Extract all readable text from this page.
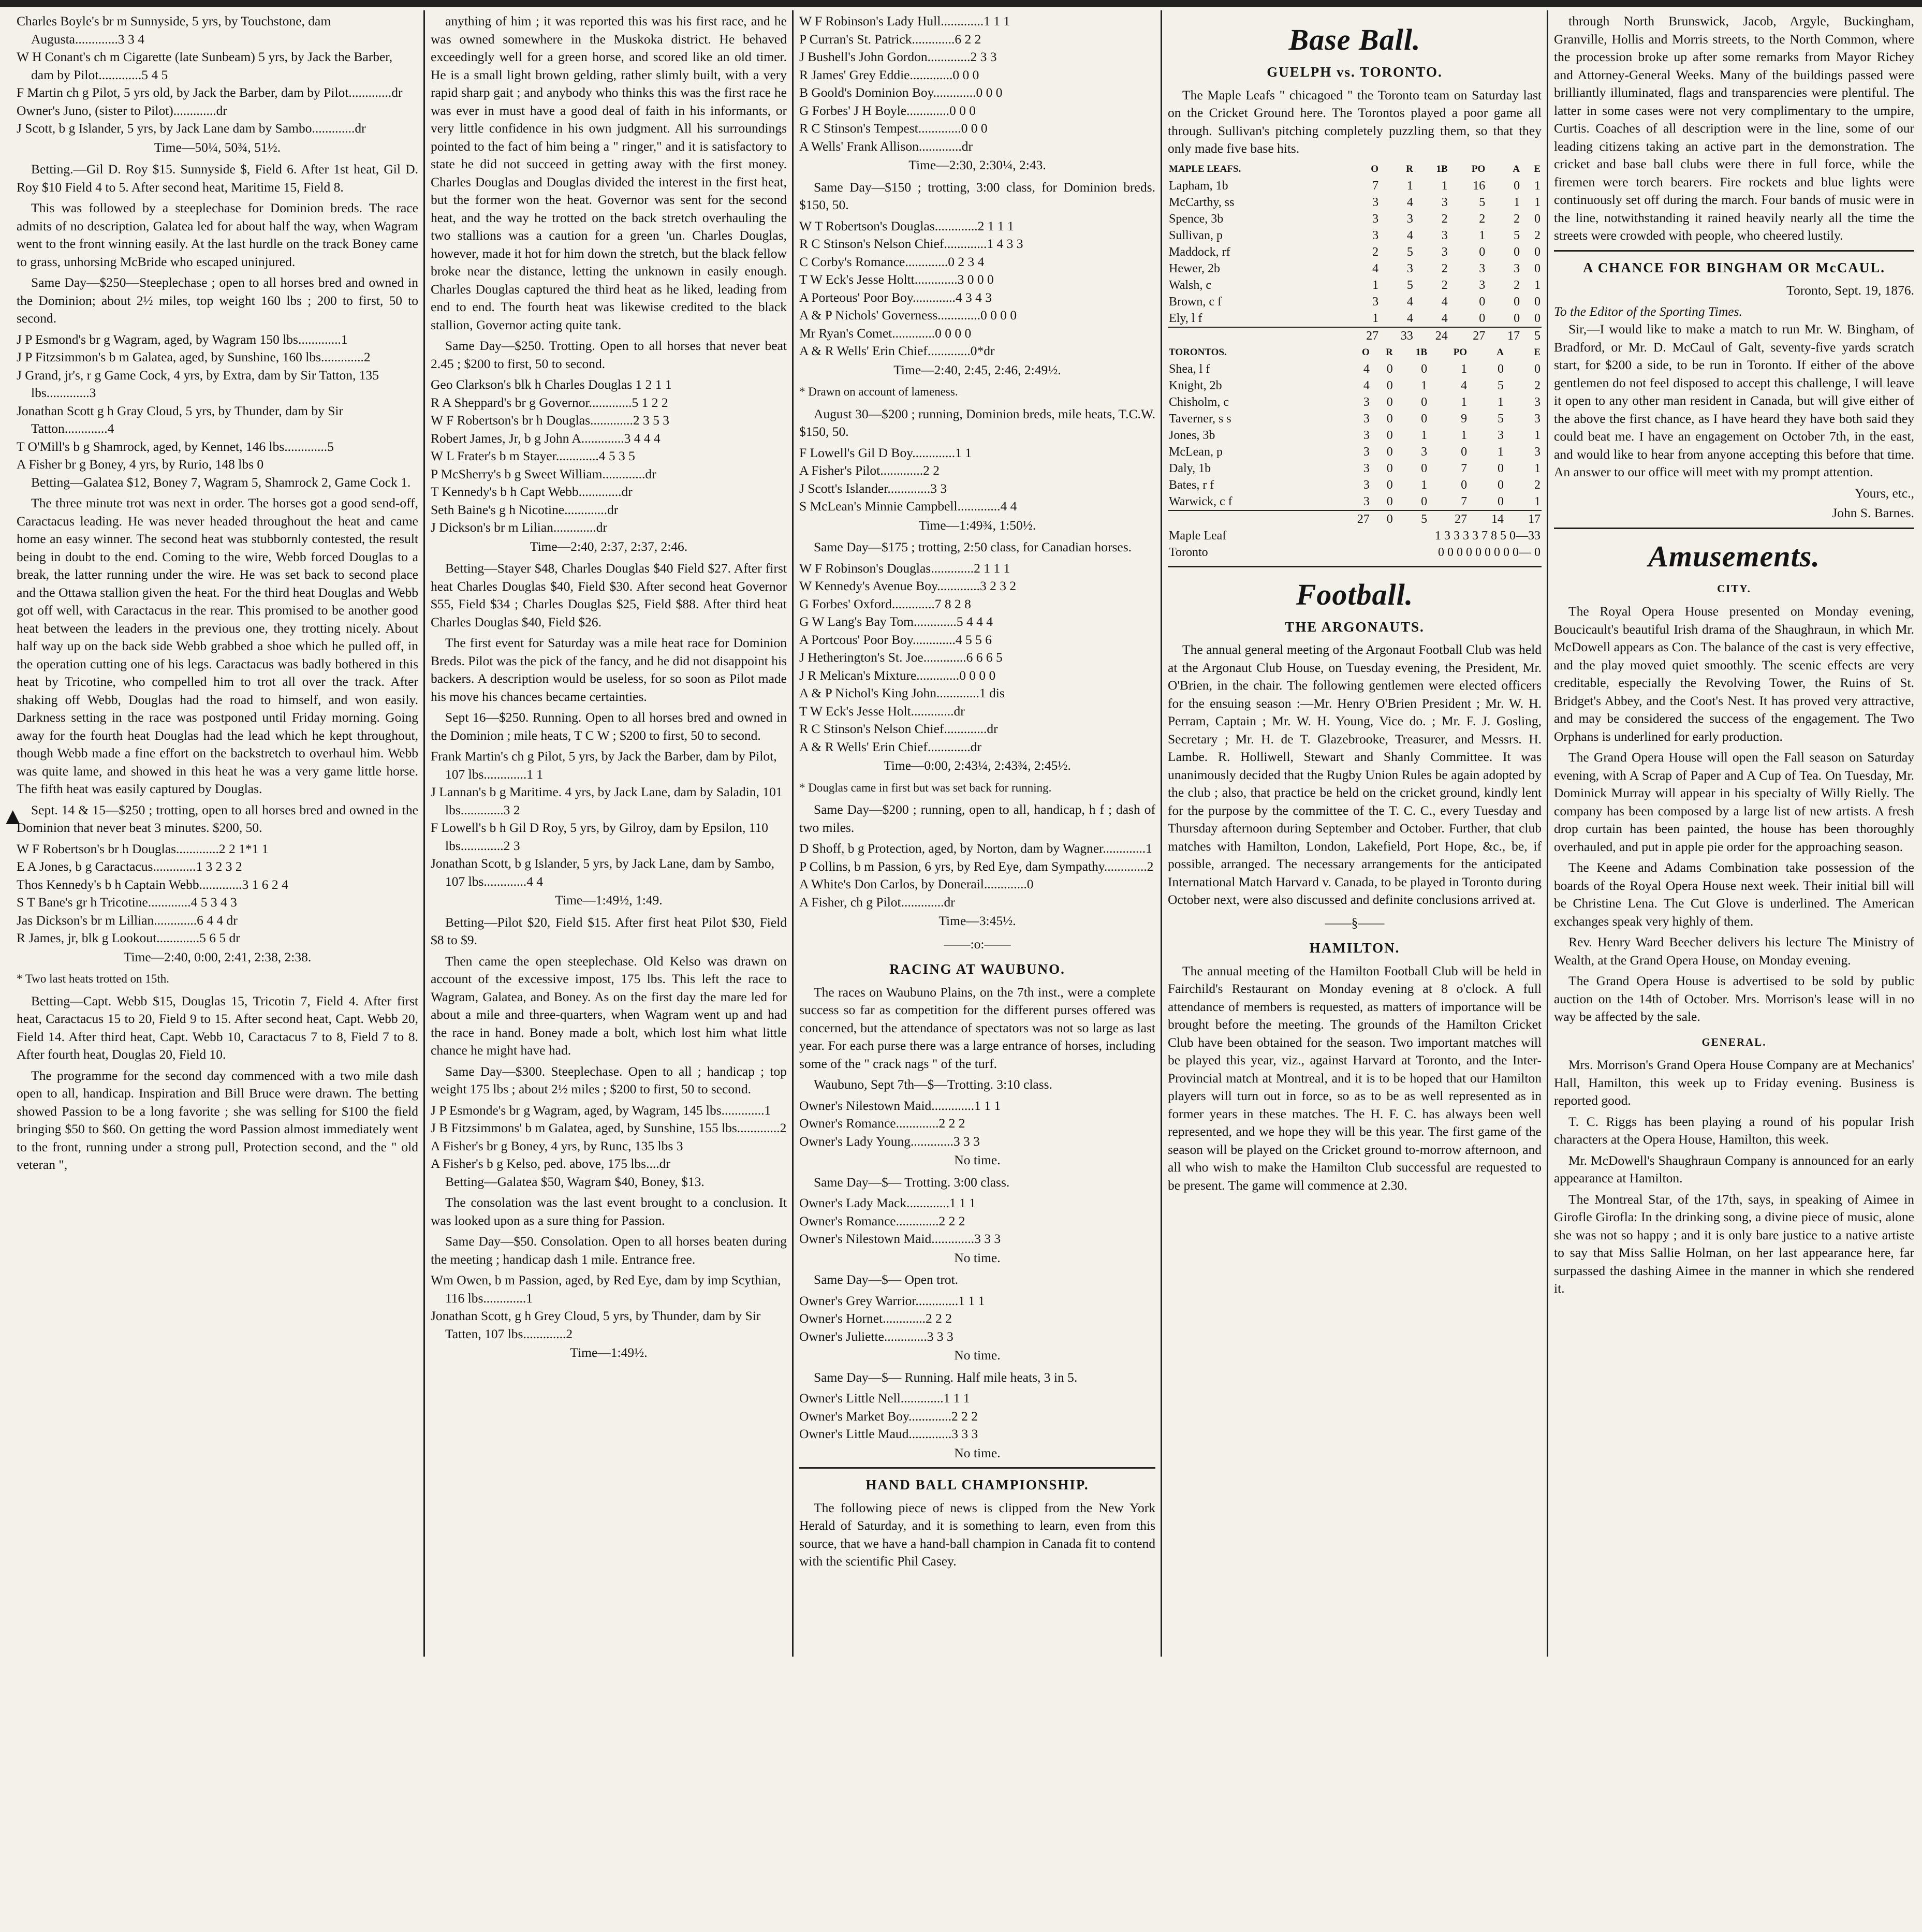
▲

Charles Boyle's br m Sunnyside, 5 yrs, by Touchstone, dam Augusta.............3 3 4

W H Conant's ch m Cigarette (late Sunbeam) 5 yrs, by Jack the Barber, dam by Pilot.............5 4 5

F Martin ch g Pilot, 5 yrs old, by Jack the Barber, dam by Pilot.............dr

Owner's Juno, (sister to Pilot).............dr

J Scott, b g Islander, 5 yrs, by Jack Lane dam by Sambo.............dr

Time—50¼, 50¾, 51½.

Betting.—Gil D. Roy $15. Sunnyside $, Field 6. After 1st heat, Gil D. Roy $10 Field 4 to 5. After second heat, Maritime 15, Field 8.

This was followed by a steeplechase for Dominion breds. The race admits of no description, Galatea led for about half the way, when Wagram went to the front winning easily. At the last hurdle on the track Boney came to grass, unhorsing McBride who escaped uninjured.

Same Day—$250—Steeplechase ; open to all horses bred and owned in the Dominion; about 2½ miles, top weight 160 lbs ; 200 to first, 50 to second.

J P Esmond's br g Wagram, aged, by Wagram 150 lbs.............1

J P Fitzsimmon's b m Galatea, aged, by Sunshine, 160 lbs.............2

J Grand, jr's, r g Game Cock, 4 yrs, by Extra, dam by Sir Tatton, 135 lbs.............3

Jonathan Scott g h Gray Cloud, 5 yrs, by Thunder, dam by Sir Tatton.............4

T O'Mill's b g Shamrock, aged, by Kennet, 146 lbs.............5

A Fisher br g Boney, 4 yrs, by Rurio, 148 lbs 0

Betting—Galatea $12, Boney 7, Wagram 5, Shamrock 2, Game Cock 1.

The three minute trot was next in order. The horses got a good send-off, Caractacus leading. He was never headed throughout the heat and came home an easy winner. The second heat was stubbornly contested, the result being in doubt to the end. Coming to the wire, Webb forced Douglas to a break, the latter running under the wire. He was set back to second place and the Ottawa stallion given the heat. For the third heat Douglas and Webb got off well, with Caractacus in the rear. This promised to be another good heat between the leaders in the previous one, they trotting nicely. About half way up on the back side Webb grabbed a shoe which he pulled off, in the operation cutting one of his legs. Caractacus was badly bothered in this heat by Tricotine, who compelled him to trot all over the track. After shaking off Webb, Douglas had the road to himself, and won easily. Darkness setting in the race was postponed until Friday morning. Going away for the fourth heat Douglas had the lead which he kept throughout, though Webb made a fine effort on the backstretch to overhaul him. Webb was quite lame, and showed in this heat he was a very game little horse. The fifth heat was easily captured by Douglas.

Sept. 14 & 15—$250 ; trotting, open to all horses bred and owned in the Dominion that never beat 3 minutes. $200, 50.

W F Robertson's br h Douglas.............2 2 1*1 1

E A Jones, b g Caractacus.............1 3 2 3 2

Thos Kennedy's b h Captain Webb.............3 1 6 2 4

S T Bane's gr h Tricotine.............4 5 3 4 3

Jas Dickson's br m Lillian.............6 4 4 dr

R James, jr, blk g Lookout.............5 6 5 dr

Time—2:40, 0:00, 2:41, 2:38, 2:38.

* Two last heats trotted on 15th.

Betting—Capt. Webb $15, Douglas 15, Tricotin 7, Field 4. After first heat, Caractacus 15 to 20, Field 9 to 15. After second heat, Capt. Webb 20, Field 14. After third heat, Capt. Webb 10, Caractacus 7 to 8, Field 7 to 8. After fourth heat, Douglas 20, Field 10.

The programme for the second day commenced with a two mile dash open to all, handicap. Inspiration and Bill Bruce were drawn. The betting showed Passion to be a long favorite ; she was selling for $100 the field bringing $50 to $60. On getting the word Passion almost immediately went to the front, running under a strong pull, Protection second, and the " old veteran ",

anything of him ; it was reported this was his first race, and he was owned somewhere in the Muskoka district. He behaved exceedingly well for a green horse, and scored like an old timer. He is a small light brown gelding, rather slimly built, with a very rapid sharp gait ; and anybody who thinks this was the first race he was ever in must have a good deal of faith in his informants, or very little confidence in his own judgment. All his surroundings pointed to the fact of him being a " ringer," and it is satisfactory to state he did not succeed in getting away with the first money. Charles Douglas and Douglas divided the interest in the first heat, but the former won the heat. Governor was sent for the second heat, and the way he trotted on the back stretch overhauling the two stallions was a caution for a green 'un. Charles Douglas, however, made it hot for him down the stretch, but the black fellow broke near the distance, letting the unknown in easily enough. Charles Douglas captured the third heat as he liked, leading from end to end. The fourth heat was likewise credited to the black stallion, Governor acting quite tank.

Same Day—$250. Trotting. Open to all horses that never beat 2.45 ; $200 to first, 50 to second.

Geo Clarkson's blk h Charles Douglas 1 2 1 1

R A Sheppard's br g Governor.............5 1 2 2

W F Robertson's br h Douglas.............2 3 5 3

Robert James, Jr, b g John A.............3 4 4 4

W L Frater's b m Stayer.............4 5 3 5

P McSherry's b g Sweet William.............dr

T Kennedy's b h Capt Webb.............dr

Seth Baine's g h Nicotine.............dr

J Dickson's br m Lilian.............dr

Time—2:40, 2:37, 2:37, 2:46.

Betting—Stayer $48, Charles Douglas $40 Field $27. After first heat Charles Douglas $40, Field $30. After second heat Governor $55, Field $34 ; Charles Douglas $25, Field $88. After third heat Charles Douglas $40, Field $26.

The first event for Saturday was a mile heat race for Dominion Breds. Pilot was the pick of the fancy, and he did not disappoint his backers. A description would be useless, for so soon as Pilot made his move his chances became certainties.

Sept 16—$250. Running. Open to all horses bred and owned in the Dominion ; mile heats, T C W ; $200 to first, 50 to second.

Frank Martin's ch g Pilot, 5 yrs, by Jack the Barber, dam by Pilot, 107 lbs.............1 1

J Lannan's b g Maritime. 4 yrs, by Jack Lane, dam by Saladin, 101 lbs.............3 2

F Lowell's b h Gil D Roy, 5 yrs, by Gilroy, dam by Epsilon, 110 lbs.............2 3

Jonathan Scott, b g Islander, 5 yrs, by Jack Lane, dam by Sambo, 107 lbs.............4 4

Time—1:49½, 1:49.

Betting—Pilot $20, Field $15. After first heat Pilot $30, Field $8 to $9.

Then came the open steeplechase. Old Kelso was drawn on account of the excessive impost, 175 lbs. This left the race to Wagram, Galatea, and Boney. As on the first day the mare led for about a mile and three-quarters, when Wagram went up and had the race in hand. Boney made a bolt, which lost him what little chance he might have had.

Same Day—$300. Steeplechase. Open to all ; handicap ; top weight 175 lbs ; about 2½ miles ; $200 to first, 50 to second.

J P Esmonde's br g Wagram, aged, by Wagram, 145 lbs.............1

J B Fitzsimmons' b m Galatea, aged, by Sunshine, 155 lbs.............2

A Fisher's br g Boney, 4 yrs, by Runc, 135 lbs 3

A Fisher's b g Kelso, ped. above, 175 lbs....dr

Betting—Galatea $50, Wagram $40, Boney, $13.

The consolation was the last event brought to a conclusion. It was looked upon as a sure thing for Passion.

Same Day—$50. Consolation. Open to all horses beaten during the meeting ; handicap dash 1 mile. Entrance free.

Wm Owen, b m Passion, aged, by Red Eye, dam by imp Scythian, 116 lbs.............1

Jonathan Scott, g h Grey Cloud, 5 yrs, by Thunder, dam by Sir Tatten, 107 lbs.............2

Time—1:49½.

W F Robinson's Lady Hull.............1 1 1

P Curran's St. Patrick.............6 2 2

J Bushell's John Gordon.............2 3 3

R James' Grey Eddie.............0 0 0

B Goold's Dominion Boy.............0 0 0

G Forbes' J H Boyle.............0 0 0

R C Stinson's Tempest.............0 0 0

A Wells' Frank Allison.............dr

Time—2:30, 2:30¼, 2:43.

Same Day—$150 ; trotting, 3:00 class, for Dominion breds. $150, 50.

W T Robertson's Douglas.............2 1 1 1

R C Stinson's Nelson Chief.............1 4 3 3

C Corby's Romance.............0 2 3 4

T W Eck's Jesse Holtt.............3 0 0 0

A Porteous' Poor Boy.............4 3 4 3

A & P Nichols' Governess.............0 0 0 0

Mr Ryan's Comet.............0 0 0 0

A & R Wells' Erin Chief.............0*dr

Time—2:40, 2:45, 2:46, 2:49½.

* Drawn on account of lameness.

August 30—$200 ; running, Dominion breds, mile heats, T.C.W. $150, 50.

F Lowell's Gil D Boy.............1 1

A Fisher's Pilot.............2 2

J Scott's Islander.............3 3

S McLean's Minnie Campbell.............4 4

Time—1:49¾, 1:50½.

Same Day—$175 ; trotting, 2:50 class, for Canadian horses.

W F Robinson's Douglas.............2 1 1 1

W Kennedy's Avenue Boy.............3 2 3 2

G Forbes' Oxford.............7 8 2 8

G W Lang's Bay Tom.............5 4 4 4

A Portcous' Poor Boy.............4 5 5 6

J Hetherington's St. Joe.............6 6 6 5

J R Melican's Mixture.............0 0 0 0

A & P Nichol's King John.............1 dis

T W Eck's Jesse Holt.............dr

R C Stinson's Nelson Chief.............dr

A & R Wells' Erin Chief.............dr

Time—0:00, 2:43¼, 2:43¾, 2:45½.

* Douglas came in first but was set back for running.

Same Day—$200 ; running, open to all, handicap, h f ; dash of two miles.

D Shoff, b g Protection, aged, by Norton, dam by Wagner.............1

P Collins, b m Passion, 6 yrs, by Red Eye, dam Sympathy.............2

A White's Don Carlos, by Donerail.............0

A Fisher, ch g Pilot.............dr

Time—3:45½.

——:o:——

RACING AT WAUBUNO.

The races on Waubuno Plains, on the 7th inst., were a complete success so far as competition for the different purses offered was concerned, but the attendance of spectators was not so large as last year. For each purse there was a large entrance of horses, including some of the " crack nags " of the turf.

Waubuno, Sept 7th—$—Trotting. 3:10 class.

Owner's Nilestown Maid.............1 1 1

Owner's Romance.............2 2 2

Owner's Lady Young.............3 3 3

No time.

Same Day—$— Trotting. 3:00 class.

Owner's Lady Mack.............1 1 1

Owner's Romance.............2 2 2

Owner's Nilestown Maid.............3 3 3

No time.

Same Day—$— Open trot.

Owner's Grey Warrior.............1 1 1

Owner's Hornet.............2 2 2

Owner's Juliette.............3 3 3

No time.

Same Day—$— Running. Half mile heats, 3 in 5.

Owner's Little Nell.............1 1 1

Owner's Market Boy.............2 2 2

Owner's Little Maud.............3 3 3

No time.

HAND BALL CHAMPIONSHIP.

The following piece of news is clipped from the New York Herald of Saturday, and it is something to learn, even from this source, that we have a hand-ball champion in Canada fit to contend with the scientific Phil Casey.

Base Ball.

GUELPH vs. TORONTO.

The Maple Leafs " chicagoed " the Toronto team on Saturday last on the Cricket Ground here. The Torontos played a poor game all through. Sullivan's pitching completely puzzling them, so that they only made five base hits.

MAPLE LEAFS.	O	R	1B	PO	A	E
Lapham, 1b	7	1	1	16	0	1
McCarthy, ss	3	4	3	5	1	1
Spence, 3b	3	3	2	2	2	0
Sullivan, p	3	4	3	1	5	2
Maddock, rf	2	5	3	0	0	0
Hewer, 2b	4	3	2	3	3	0
Walsh, c	1	5	2	3	2	1
Brown, c f	3	4	4	0	0	0
Ely, l f	1	4	4	0	0	0
	27	33	24	27	17	5
TORONTOS.	O	R	1B	PO	A	E
Shea, l f	4	0	0	1	0	0
Knight, 2b	4	0	1	4	5	2
Chisholm, c	3	0	0	1	1	3
Taverner, s s	3	0	0	9	5	3
Jones, 3b	3	0	1	1	3	1
McLean, p	3	0	3	0	1	3
Daly, 1b	3	0	0	7	0	1
Bates, r f	3	0	1	0	0	2
Warwick, c f	3	0	0	7	0	1
	27	0	5	27	14	17
Maple Leaf	1 3 3 3 3 7 8 5 0—33
Toronto	0 0 0 0 0 0 0 0 0— 0

Football.

THE ARGONAUTS.

The annual general meeting of the Argonaut Football Club was held at the Argonaut Club House, on Tuesday evening, the President, Mr. O'Brien, in the chair. The following gentlemen were elected officers for the ensuing season :—Mr. Henry O'Brien President ; Mr. W. H. Perram, Captain ; Mr. W. H. Young, Vice do. ; Mr. F. J. Gosling, Secretary ; Mr. H. de T. Glazebrooke, Treasurer, and Messrs. H. Lambe. R. Holliwell, Stewart and Shanly Committee. It was unanimously decided that the Rugby Union Rules be again adopted by the club ; also, that practice be held on the cricket ground, kindly lent for the purpose by the committee of the T. C. C., every Tuesday and Thursday afternoon during September and October. Further, that club matches with Hamilton, London, Lakefield, Port Hope, &c., be, if possible, arranged. The necessary arrangements for the anticipated International Match Harvard v. Canada, to be played in Toronto during October next, were also discussed and definite conclusions arrived at.

——§——

HAMILTON.

The annual meeting of the Hamilton Football Club will be held in Fairchild's Restaurant on Monday evening at 8 o'clock. A full attendance of members is requested, as matters of importance will be brought before the meeting. The grounds of the Hamilton Cricket Club have been obtained for the season. Two important matches will be played this year, viz., against Harvard at Toronto, and the Inter-Provincial match at Montreal, and it is to be hoped that our Hamilton players will turn out in force, so as to be as well represented as in former years in these matches. The H. F. C. has always been well represented, and we hope they will be this year. The first game of the season will be played on the Cricket ground to-morrow afternoon, and all who wish to make the Hamilton Club successful are requested to be present. The game will commence at 2.30.

through North Brunswick, Jacob, Argyle, Buckingham, Granville, Hollis and Morris streets, to the North Common, where the procession broke up after some remarks from Mayor Richey and Attorney-General Weeks. Many of the buildings passed were brilliantly illuminated, flags and transparencies were plentiful. The latter in some cases were not very complimentary to the umpire, Curtis. Coaches of all description were in the line, some of our leading citizens taking an active part in the demonstration. The cricket and base ball clubs were there in full force, while the firemen were torch bearers. Fire rockets and blue lights were continuously set off during the march. Four bands of music were in the line, notwithstanding it rained heavily nearly all the time the streets were crowded with people, who cheered lustily.

A CHANCE FOR BINGHAM OR McCAUL.

Toronto, Sept. 19, 1876.

To the Editor of the Sporting Times.

Sir,—I would like to make a match to run Mr. W. Bingham, of Bradford, or Mr. D. McCaul of Galt, seventy-five yards scratch start, for $200 a side, to be run in Toronto. If either of the above gentlemen do not feel disposed to accept this challenge, I will leave it open to any other man resident in Canada, but will give either of the above the first chance, as I have heard they have both said they could beat me. I have an engagement on October 7th, in the east, and would like to hear from anyone accepting this before that time. An answer to our office will meet with my prompt attention.

Yours, etc.,

John S. Barnes.

Amusements.

CITY.

The Royal Opera House presented on Monday evening, Boucicault's beautiful Irish drama of the Shaughraun, in which Mr. McDowell appears as Con. The balance of the cast is very effective, and the play moved quiet smoothly. The scenic effects are very creditable, especially the Revolving Tower, the Ruins of St. Bridget's Abbey, and the Coot's Nest. It has proved very attractive, and may be considered the success of the engagement. The Two Orphans is underlined for early production.

The Grand Opera House will open the Fall season on Saturday evening, with A Scrap of Paper and A Cup of Tea. On Tuesday, Mr. Dominick Murray will appear in his specialty of Willy Rielly. The company has been composed by a large list of new artists. A fresh drop curtain has been painted, the house has been thoroughly overhauled, and put in apple pie order for the approaching season.

The Keene and Adams Combination take possession of the boards of the Royal Opera House next week. Their initial bill will be Christine Lena. The Cut Glove is underlined. The American exchanges speak very highly of them.

Rev. Henry Ward Beecher delivers his lecture The Ministry of Wealth, at the Grand Opera House, on Monday evening.

The Grand Opera House is advertised to be sold by public auction on the 14th of October. Mrs. Morrison's lease will in no way be affected by the sale.

GENERAL.

Mrs. Morrison's Grand Opera House Company are at Mechanics' Hall, Hamilton, this week up to Friday evening. Business is reported good.

T. C. Riggs has been playing a round of his popular Irish characters at the Opera House, Hamilton, this week.

Mr. McDowell's Shaughraun Company is announced for an early appearance at Hamilton.

The Montreal Star, of the 17th, says, in speaking of Aimee in Girofle Girofla: In the drinking song, a divine piece of music, alone she was not so happy ; and it is only bare justice to a native artiste to say that Miss Sallie Holman, on her last appearance here, far surpassed the dashing Aimee in the manner in which she rendered it.
